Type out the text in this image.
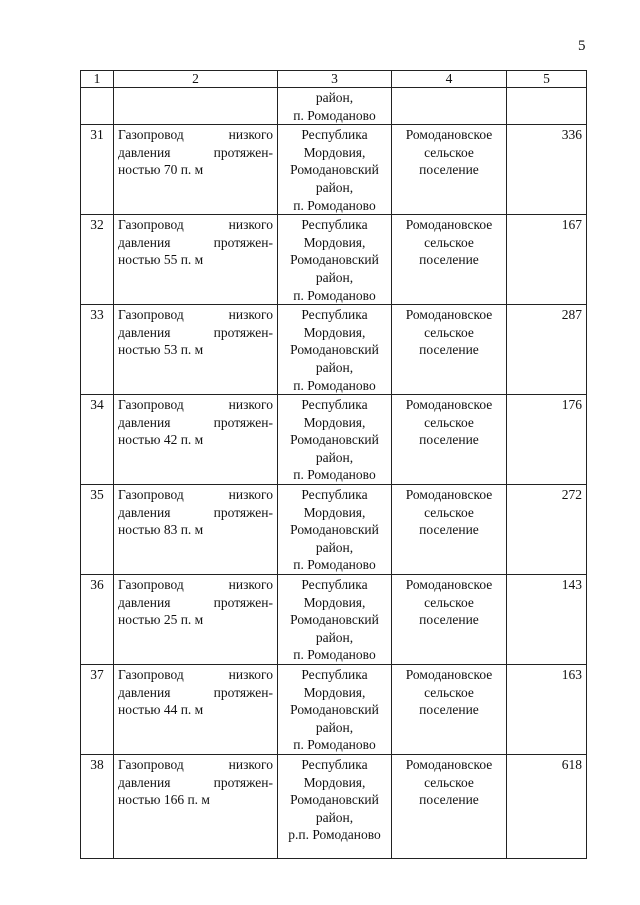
5
1	2	3	4	5

		район,
п. Ромоданово		

31	Газопровод низкого
давления протяжен-
ностью 70 п. м	Республика
Мордовия,
Ромодановский
район,
п. Ромоданово	Ромодановское
сельское
поселение	336
32	Газопровод низкого
давления протяжен-
ностью 55 п. м	Республика
Мордовия,
Ромодановский
район,
п. Ромоданово	Ромодановское
сельское
поселение	167
33	Газопровод низкого
давления протяжен-
ностью 53 п. м	Республика
Мордовия,
Ромодановский
район,
п. Ромоданово	Ромодановское
сельское
поселение	287
34	Газопровод низкого
давления протяжен-
ностью 42 п. м	Республика
Мордовия,
Ромодановский
район,
п. Ромоданово	Ромодановское
сельское
поселение	176
35	Газопровод низкого
давления протяжен-
ностью 83 п. м	Республика
Мордовия,
Ромодановский
район,
п. Ромоданово	Ромодановское
сельское
поселение	272
36	Газопровод низкого
давления протяжен-
ностью 25 п. м	Республика
Мордовия,
Ромодановский
район,
п. Ромоданово	Ромодановское
сельское
поселение	143
37	Газопровод низкого
давления протяжен-
ностью 44 п. м	Республика
Мордовия,
Ромодановский
район,
п. Ромоданово	Ромодановское
сельское
поселение	163
38	Газопровод низкого
давления протяжен-
ностью 166 п. м	Республика
Мордовия,
Ромодановский
район,
р.п. Ромоданово	Ромодановское
сельское
поселение	618
